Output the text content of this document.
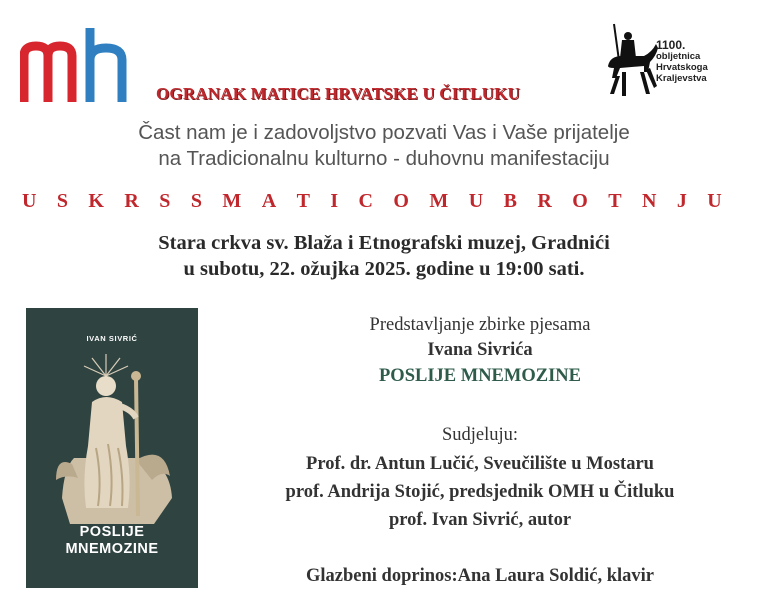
OGRANAK MATICE HRVATSKE U ČITLUKU
1100.
obljetnica
Hrvatskoga
Kraljevstva
Čast nam je i zadovoljstvo pozvati Vas i Vaše prijatelje
na Tradicionalnu kulturno - duhovnu manifestaciju
U S K R S S M A T I C O M U B R O T N J U
Stara crkva sv. Blaža i Etnografski muzej, Gradnići
u subotu, 22. ožujka 2025. godine u 19:00 sati.
IVAN SIVRIĆ
POSLIJE
MNEMOZINE
Predstavljanje zbirke pjesama
Ivana Sivrića
POSLIJE MNEMOZINE
Sudjeluju:
Prof. dr. Antun Lučić, Sveučilište u Mostaru
prof. Andrija Stojić, predsjednik OMH u Čitluku
prof. Ivan Sivrić, autor
Glazbeni doprinos:Ana Laura Soldić, klavir
